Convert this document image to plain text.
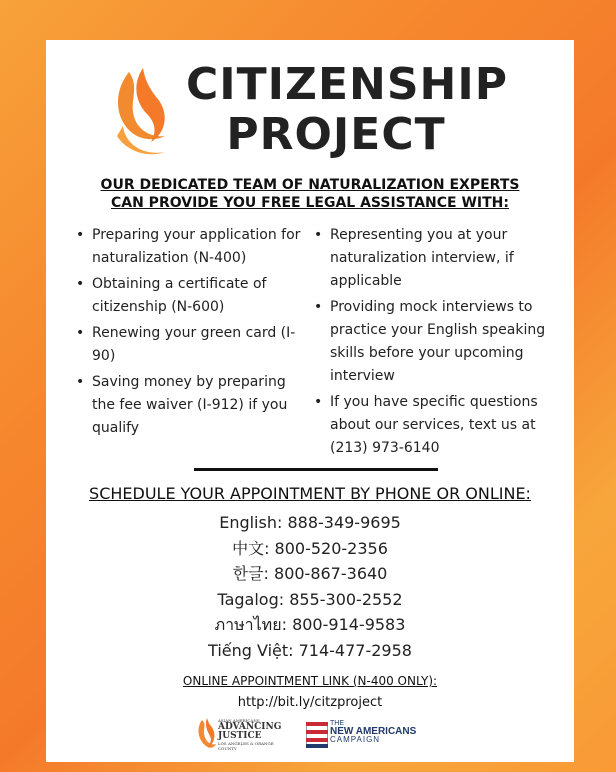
CITIZENSHIP
PROJECT
OUR DEDICATED TEAM OF NATURALIZATION EXPERTS
CAN PROVIDE YOU FREE LEGAL ASSISTANCE WITH:
• Preparing your application for naturalization (N-400)
• Obtaining a certificate of citizenship (N-600)
• Renewing your green card (I-90)
• Saving money by preparing the fee waiver (I-912) if you qualify
• Representing you at your naturalization interview, if applicable
• Providing mock interviews to practice your English speaking skills before your upcoming interview
• If you have specific questions about our services, text us at (213) 973-6140
SCHEDULE YOUR APPOINTMENT BY PHONE OR ONLINE:
English: 888-349-9695
中文: 800-520-2356
한글: 800-867-3640
Tagalog: 855-300-2552
ภาษาไทย: 800-914-9583
Tiếng Việt: 714-477-2958
ONLINE APPOINTMENT LINK (N-400 ONLY):
http://bit.ly/citzproject
ASIAN AMERICANS
ADVANCING
JUSTICE
LOS ANGELES & ORANGE COUNTY
THE
NEW AMERICANS
CAMPAIGN
